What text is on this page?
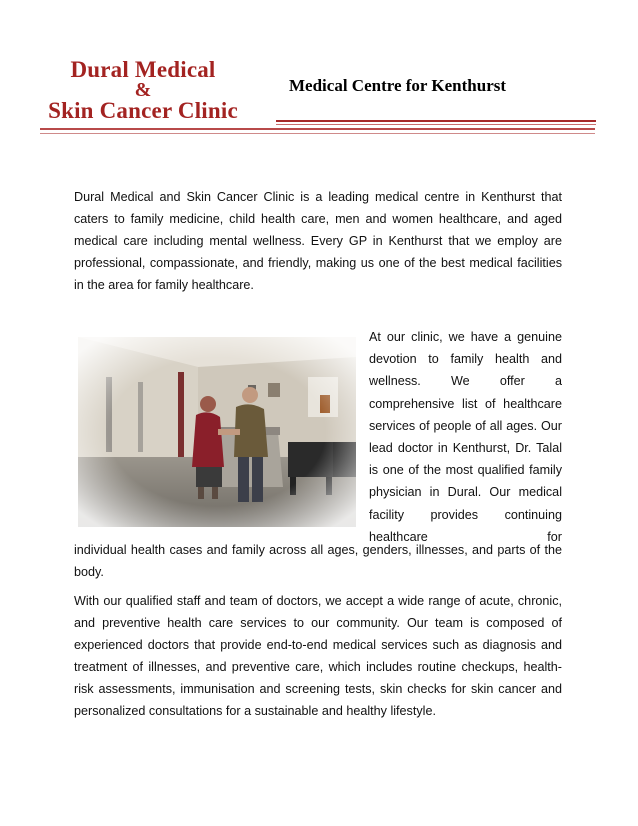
Dural Medical
&
Skin Cancer Clinic
Medical Centre for Kenthurst
Dural Medical and Skin Cancer Clinic is a leading medical centre in Kenthurst that caters to family medicine, child health care, men and women healthcare, and aged medical care including mental wellness. Every GP in Kenthurst that we employ are professional, compassionate, and friendly, making us one of the best medical facilities in the area for family healthcare.
At our clinic, we have a genuine devotion to family health and wellness. We offer a comprehensive list of healthcare services of people of all ages. Our lead doctor in Kenthurst, Dr. Talal is one of the most qualified family physician in Dural. Our medical facility provides continuing healthcare for
individual health cases and family across all ages, genders, illnesses, and parts of the body.
With our qualified staff and team of doctors, we accept a wide range of acute, chronic, and preventive health care services to our community. Our team is composed of experienced doctors that provide end-to-end medical services such as diagnosis and treatment of illnesses, and preventive care, which includes routine checkups, health-risk assessments, immunisation and screening tests, skin checks for skin cancer and personalized consultations for a sustainable and healthy lifestyle.
